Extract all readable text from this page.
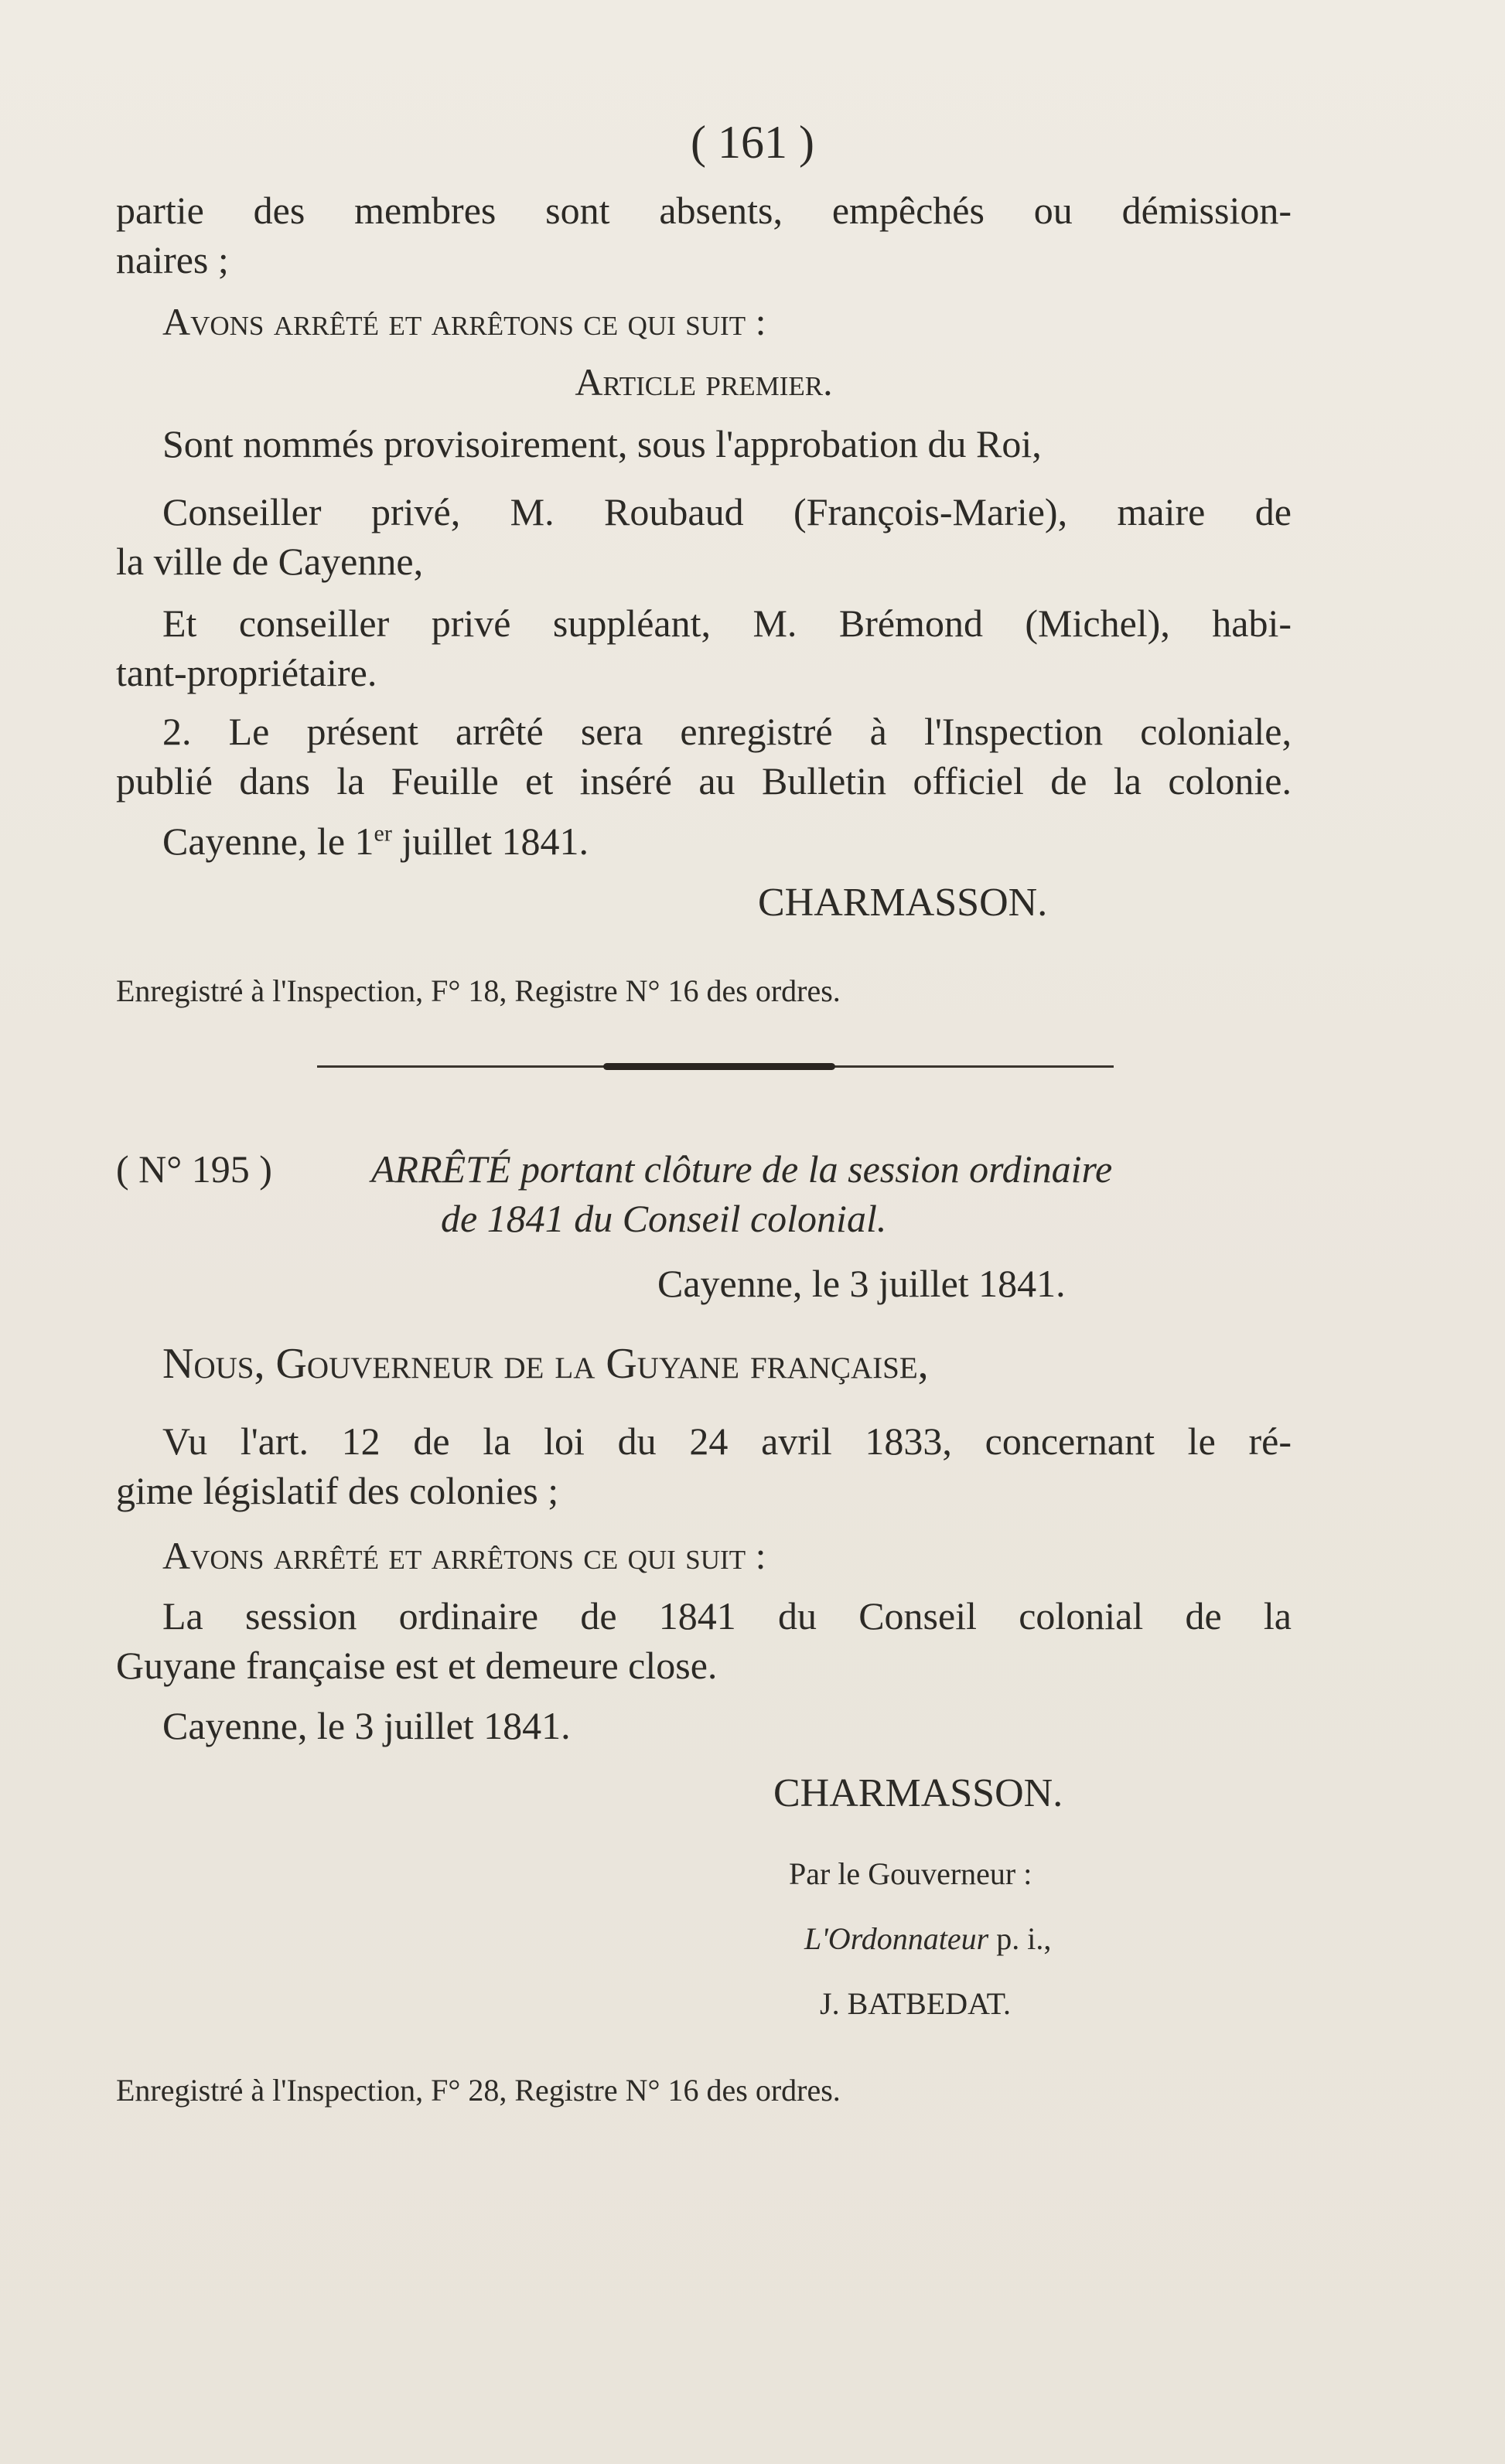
( 161 )
partie des membres sont absents, empêchés ou démission-
naires ;
Avons arrêté et arrêtons ce qui suit :
Article premier.
Sont nommés provisoirement, sous l'approbation du Roi,
Conseiller privé, M. Roubaud (François-Marie), maire de
la ville de Cayenne,
Et conseiller privé suppléant, M. Brémond (Michel), habi-
tant-propriétaire.
2. Le présent arrêté sera enregistré à l'Inspection coloniale,
publié dans la Feuille et inséré au Bulletin officiel de la colonie.
Cayenne, le 1er juillet 1841.
CHARMASSON.
Enregistré à l'Inspection, F° 18, Registre N° 16 des ordres.
( N° 195 )	ARRÊTÉ portant clôture de la session ordinaire
de 1841 du Conseil colonial.
Cayenne, le 3 juillet 1841.
Nous, Gouverneur de la Guyane française,
Vu l'art. 12 de la loi du 24 avril 1833, concernant le ré-
gime législatif des colonies ;
Avons arrêté et arrêtons ce qui suit :
La session ordinaire de 1841 du Conseil colonial de la
Guyane française est et demeure close.
Cayenne, le 3 juillet 1841.
CHARMASSON.
Par le Gouverneur :
L'Ordonnateur p. i.,
J. BATBEDAT.
Enregistré à l'Inspection, F° 28, Registre N° 16 des ordres.
